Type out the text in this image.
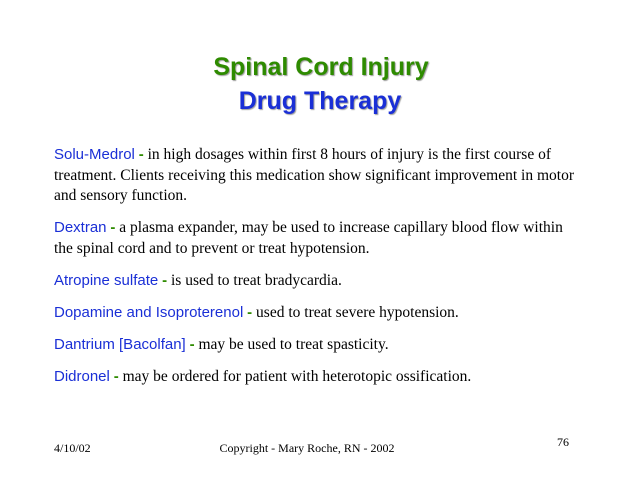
Spinal Cord Injury
Drug Therapy

Solu-Medrol - in high dosages within first 8 hours of injury is the first course of treatment. Clients receiving this medication show significant improvement in motor and sensory function.

Dextran - a plasma expander, may be used to increase capillary blood flow within the spinal cord and to prevent or treat hypotension.

Atropine sulfate - is used to treat bradycardia.

Dopamine and Isoproterenol - used to treat severe hypotension.

Dantrium [Bacolfan] - may be used to treat spasticity.

Didronel - may be ordered for patient with heterotopic ossification.

4/10/02	Copyright - Mary Roche, RN - 2002	76
